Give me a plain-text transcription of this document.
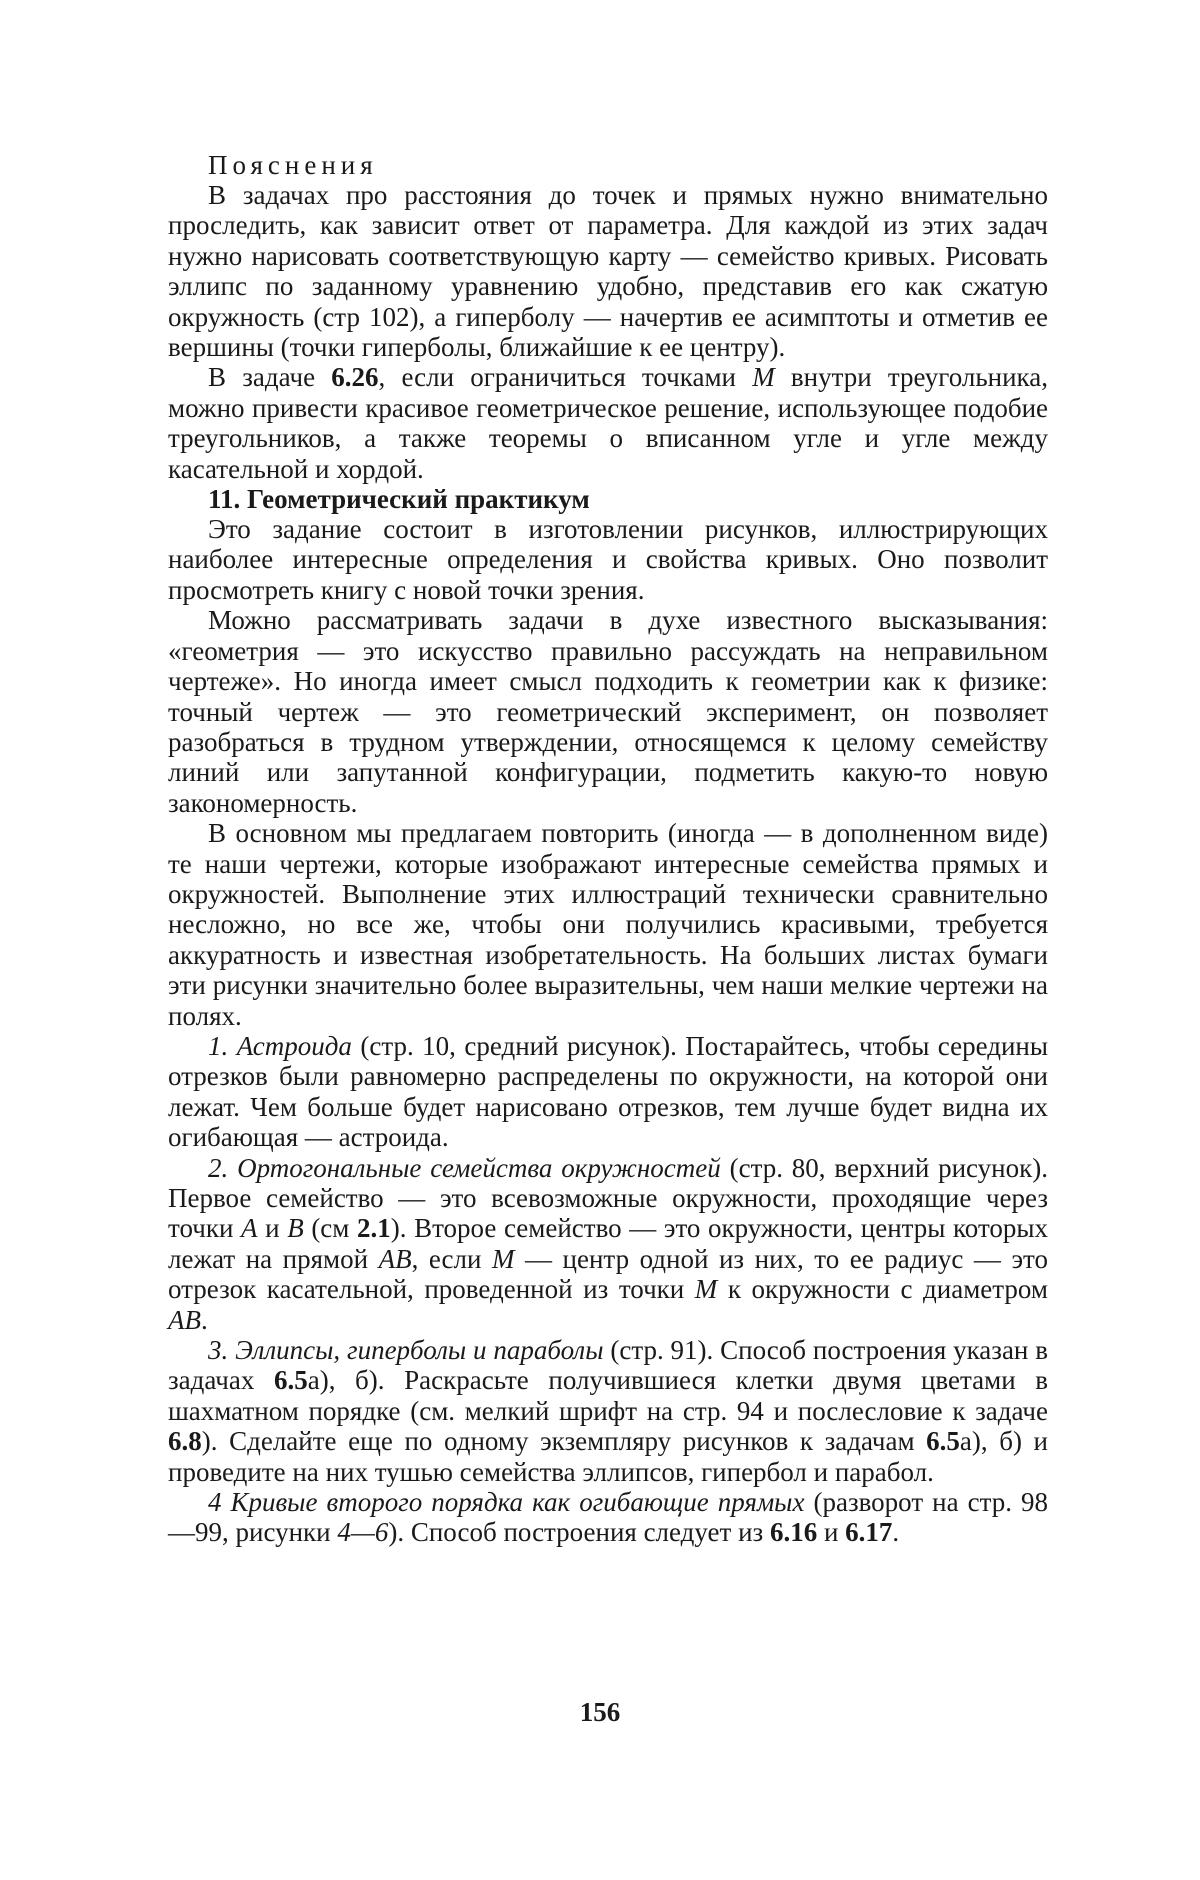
Пояснения

В задачах про расстояния до точек и прямых нужно внимательно проследить, как зависит ответ от параметра. Для каждой из этих задач нужно нарисовать соответствующую карту — семейство кривых. Рисовать эллипс по заданному уравнению удобно, представив его как сжатую окружность (стр 102), а гиперболу — начертив ее асимптоты и отметив ее вершины (точки гиперболы, ближайшие к ее центру).

В задаче 6.26, если ограничиться точками M внутри треугольника, можно привести красивое геометрическое решение, использующее подобие треугольников, а также теоремы о вписанном угле и угле между касательной и хордой.

11. Геометрический практикум

Это задание состоит в изготовлении рисунков, иллюстрирующих наиболее интересные определения и свойства кривых. Оно позволит просмотреть книгу с новой точки зрения.

Можно рассматривать задачи в духе известного высказывания: «геометрия — это искусство правильно рассуждать на неправильном чертеже». Но иногда имеет смысл подходить к геометрии как к физике: точный чертеж — это геометрический эксперимент, он позволяет разобраться в трудном утверждении, относящемся к целому семейству линий или запутанной конфигурации, подметить какую-то новую закономерность.

В основном мы предлагаем повторить (иногда — в дополненном виде) те наши чертежи, которые изображают интересные семейства прямых и окружностей. Выполнение этих иллюстраций технически сравнительно несложно, но все же, чтобы они получились красивыми, требуется аккуратность и известная изобретательность. На больших листах бумаги эти рисунки значительно более выразительны, чем наши мелкие чертежи на полях.

1. Астроида (стр. 10, средний рисунок). Постарайтесь, чтобы середины отрезков были равномерно распределены по окружности, на которой они лежат. Чем больше будет нарисовано отрезков, тем лучше будет видна их огибающая — астроида.

2. Ортогональные семейства окружностей (стр. 80, верхний рисунок). Первое семейство — это всевозможные окружности, проходящие через точки A и B (см 2.1). Второе семейство — это окружности, центры которых лежат на прямой AB, если M — центр одной из них, то ее радиус — это отрезок касательной, проведенной из точки M к окружности с диаметром AB.

3. Эллипсы, гиперболы и параболы (стр. 91). Способ построения указан в задачах 6.5а), б). Раскрасьте получившиеся клетки двумя цветами в шахматном порядке (см. мелкий шрифт на стр. 94 и послесловие к задаче 6.8). Сделайте еще по одному экземпляру рисунков к задачам 6.5а), б) и проведите на них тушью семейства эллипсов, гипербол и парабол.

4 Кривые второго порядка как огибающие прямых (разворот на стр. 98—99, рисунки 4—6). Способ построения следует из 6.16 и 6.17.

156
